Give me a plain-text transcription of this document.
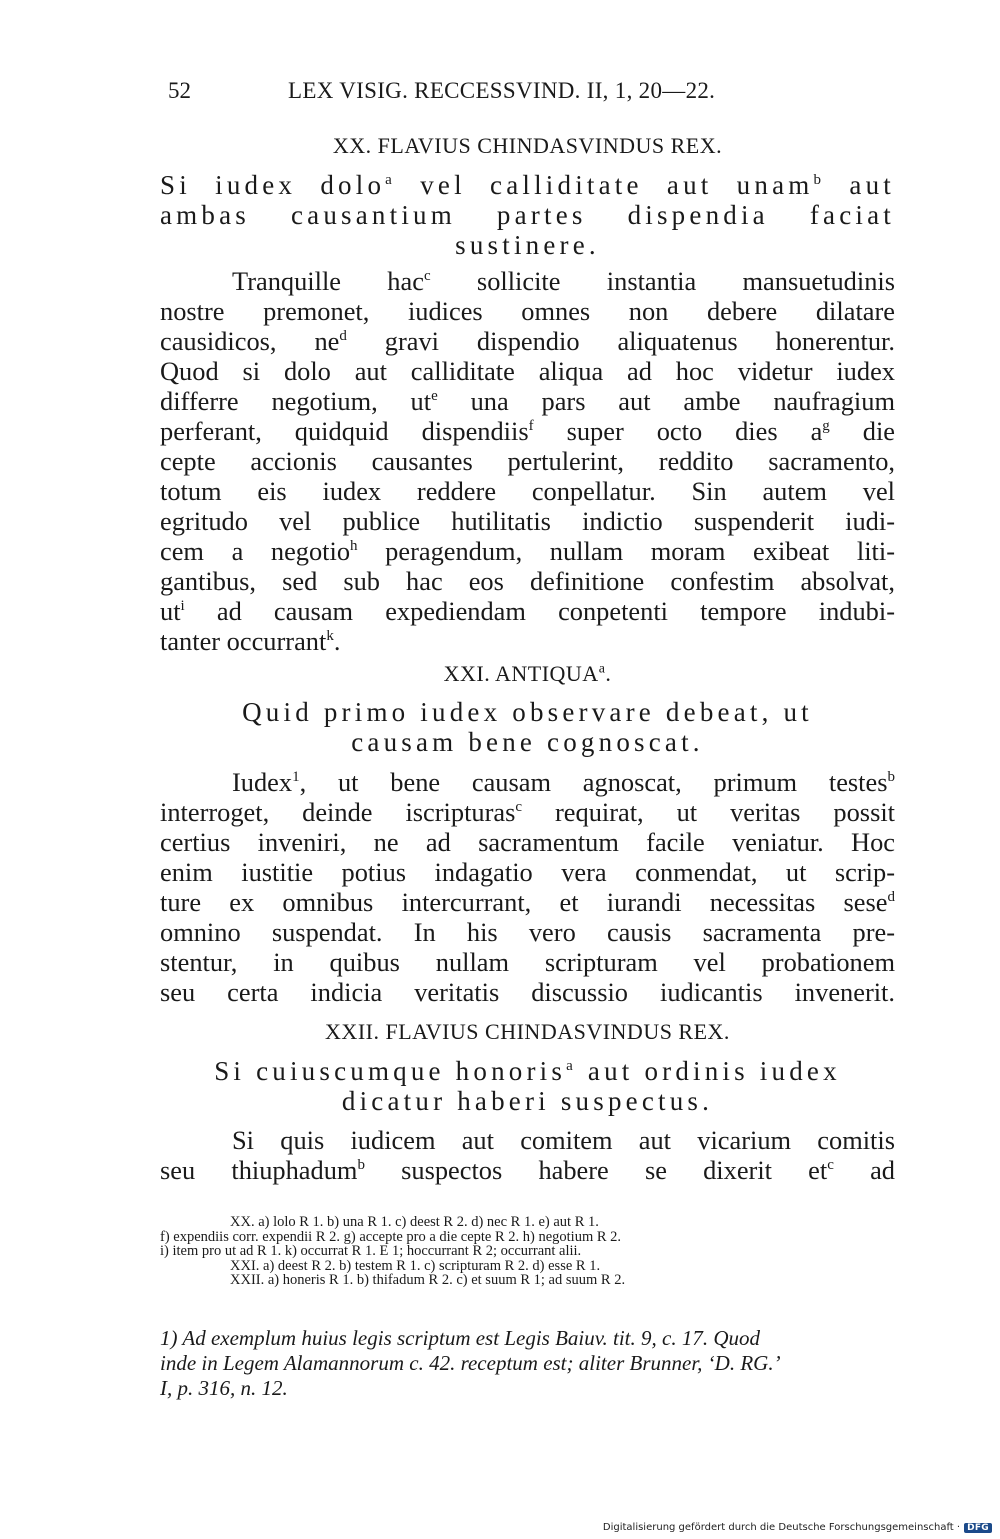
52	LEX VISIG. RECCESSVIND. II, 1, 20—22.

XX. FLAVIUS CHINDASVINDUS REX.

Si iudex dolo$^a$ vel calliditate aut unam$^b$ aut
ambas causantium partes dispendia faciat
sustinere.
Tranquille hac$^c$ sollicite instantia mansuetudinis
nostre premonet, iudices omnes non debere dilatare
causidicos, $ne^d$ gravi dispendio aliquatenus honerentur.
Quod si dolo aut calliditate aliqua ad hoc videtur iudex
differre negotium, $ut^e$ una pars aut ambe naufragium
perferant, quidquid dispendiis$^f$ super octo dies $a^g$ die
cepte accionis causantes pertulerint, reddito sacramento,
totum eis iudex reddere conpellatur. Sin autem vel
egritudo vel publice hutilitatis indictio suspenderit iudi-
cem a negotio$^h$ peragendum, nullam moram exibeat liti-
gantibus, sed sub hac eos definitione confestim absolvat,
$ut^i$ ad causam expediendam conpetenti tempore indubi-
tanter occurrant$^k$.

XXI. ANTIQUA$^a$.

Quid primo iudex observare debeat, ut
causam bene cognoscat.
Iudex$^1$, ut bene causam agnoscat, primum testes$^b$
interroget, deinde iscripturas$^c$ requirat, ut veritas possit
certius inveniri, ne ad sacramentum facile veniatur. Hoc
enim iustitie potius indagatio vera conmendat, ut scrip-
ture ex omnibus intercurrant, et iurandi necessitas sese$^d$
omnino suspendat. In his vero causis sacramenta pre-
stentur, in quibus nullam scripturam vel probationem
seu certa indicia veritatis discussio iudicantis invenerit.

XXII. FLAVIUS CHINDASVINDUS REX.

Si cuiuscumque honoris$^a$ aut ordinis iudex
dicatur haberi suspectus.
Si quis iudicem aut comitem aut vicarium comitis
seu thiuphadum$^b$ suspectos habere se dixerit $et^c$ ad
XX. a) lolo R 1. b) una R 1. c) deest R 2. d) nec R 1. e) aut R 1.
f) expendiis corr. expendii R 2. g) accepte pro a die cepte R 2. h) negotium R 2.
i) item pro ut ad R 1. k) occurrat R 1. E 1; hoccurrant R 2; occurrant alii.
XXI. a) deest R 2. b) testem R 1. c) scripturam R 2. d) esse R 1.
XXII. a) honeris R 1. b) thifadum R 2. c) et suum R 1; ad suum R 2.
1) Ad exemplum huius legis scriptum est Legis Baiuv. tit. 9, c. 17. Quod
inde in Legem Alamannorum c. 42. receptum est; aliter Brunner, ‘D. RG.’
I, p. 316, n. 12.
Digitalisierung gefördert durch die Deutsche Forschungsgemeinschaft · DFG
